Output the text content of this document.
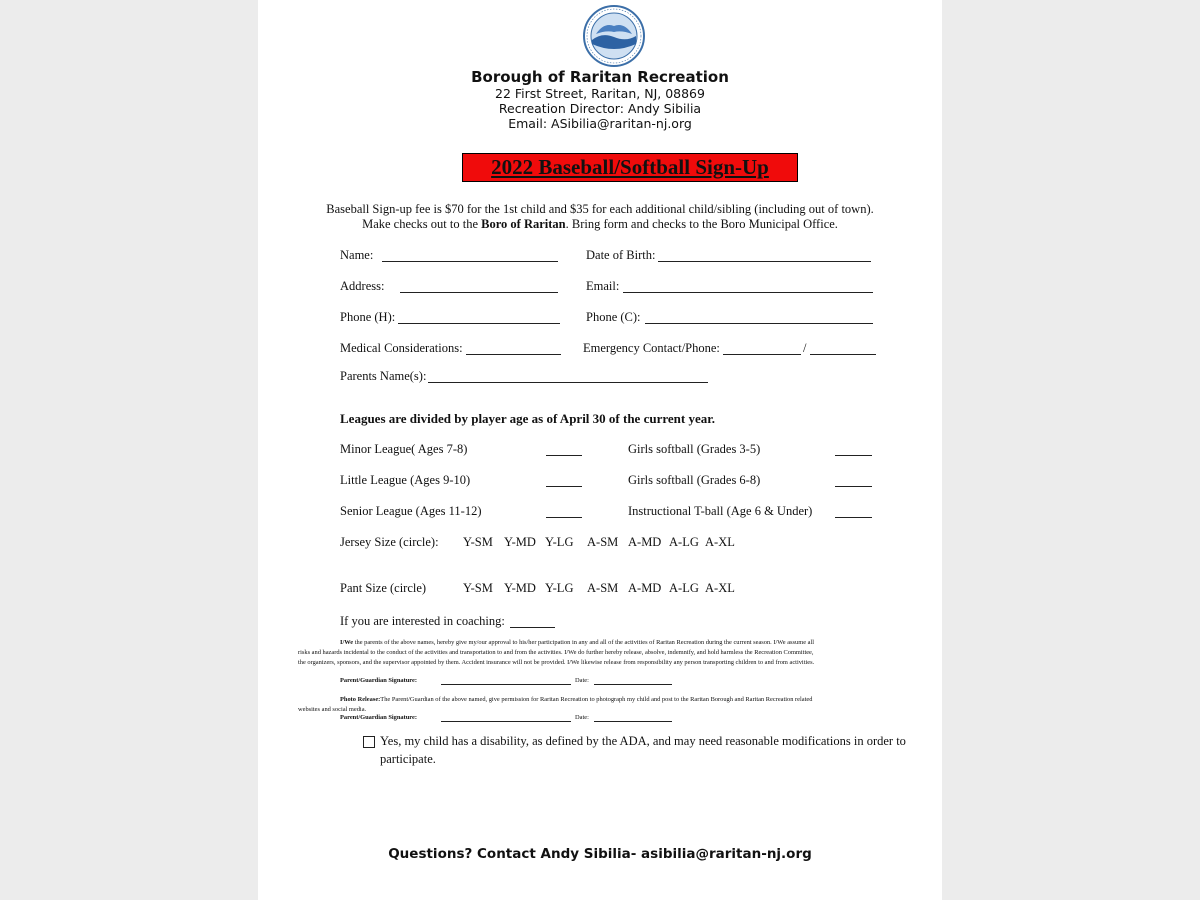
Borough of Raritan Recreation
22 First Street, Raritan, NJ, 08869
Recreation Director: Andy Sibilia
Email: ASibilia@raritan-nj.org
2022 Baseball/Softball Sign-Up
Baseball Sign-up fee is $70 for the 1st child and $35 for each additional child/sibling (including out of town).
Make checks out to the Boro of Raritan. Bring form and checks to the Boro Municipal Office.
Name:	Date of Birth:
Address:	Email:
Phone (H):	Phone (C):
Medical Considerations:	Emergency Contact/Phone:	/
Parents Name(s):
Leagues are divided by player age as of April 30 of the current year.
Minor League( Ages 7-8)	Girls softball (Grades 3-5)
Little League (Ages 9-10)	Girls softball (Grades 6-8)
Senior League (Ages 11-12)	Instructional T-ball (Age 6 & Under)
Jersey Size (circle): Y-SM Y-MD Y-LG A-SM A-MD A-LG A-XL
Pant Size (circle)	Y-SM Y-MD Y-LG A-SM A-MD A-LG A-XL
If you are interested in coaching:
I/We the parents of the above names, hereby give my/our approval to his/her participation in any and all of the activities of Raritan Recreation during the current season. I/We assume all
risks and hazards incidental to the conduct of the activities and transportation to and from the activities. I/We do further hereby release, absolve, indemnify, and hold harmless the Recreation Committee,
the organizers, sponsors, and the supervisor appointed by them. Accident insurance will not be provided. I/We likewise release from responsibility any person transporting children to and from activities.
Parent/Guardian Signature:	Date:
Photo Release:The Parent/Guardian of the above named, give permission for Raritan Recreation to photograph my child and post to the Raritan Borough and Raritan Recreation related
websites and social media.
Parent/Guardian Signature:	Date:
Yes, my child has a disability, as defined by the ADA, and may need reasonable modifications in order to participate.
Questions? Contact Andy Sibilia- asibilia@raritan-nj.org
